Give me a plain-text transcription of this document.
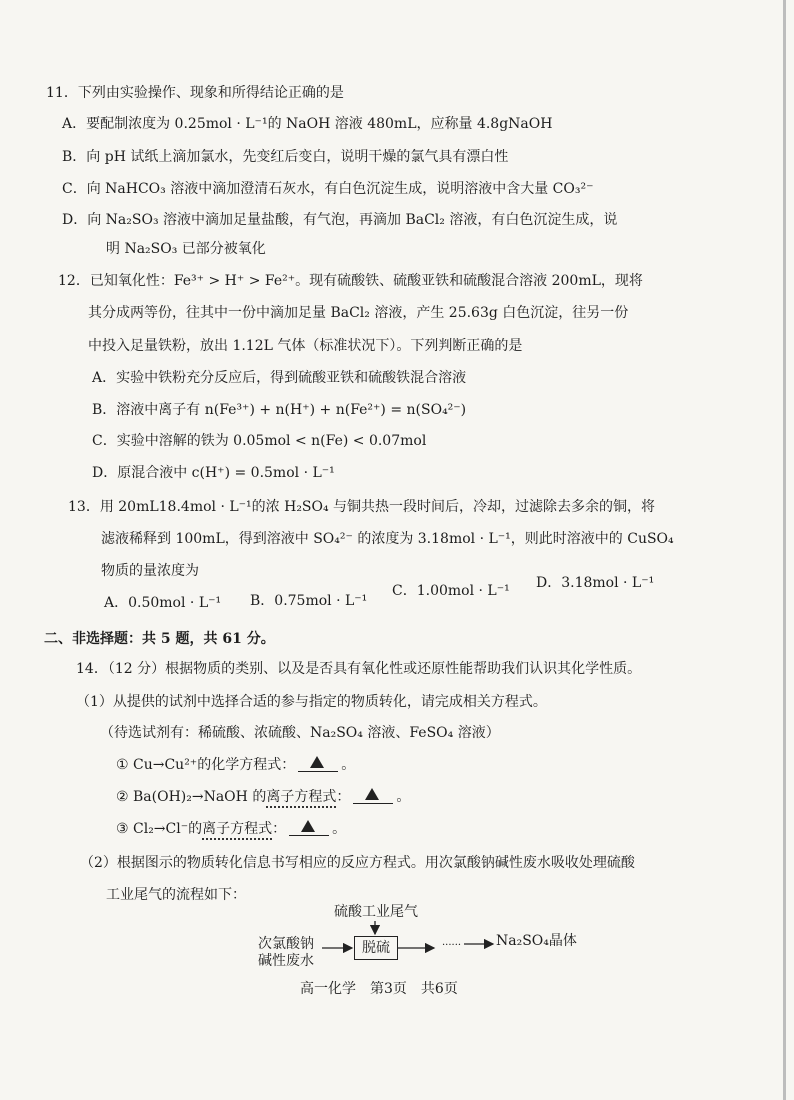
11．下列由实验操作、现象和所得结论正确的是
A．要配制浓度为 0.25mol · L⁻¹的 NaOH 溶液 480mL，应称量 4.8gNaOH
B．向 pH 试纸上滴加氯水，先变红后变白，说明干燥的氯气具有漂白性
C．向 NaHCO₃ 溶液中滴加澄清石灰水，有白色沉淀生成，说明溶液中含大量 CO₃²⁻
D．向 Na₂SO₃ 溶液中滴加足量盐酸，有气泡，再滴加 BaCl₂ 溶液，有白色沉淀生成，说
明 Na₂SO₃ 已部分被氧化
12．已知氧化性：Fe³⁺ > H⁺ > Fe²⁺。现有硫酸铁、硫酸亚铁和硫酸混合溶液 200mL，现将
其分成两等份，往其中一份中滴加足量 BaCl₂ 溶液，产生 25.63g 白色沉淀，往另一份
中投入足量铁粉，放出 1.12L 气体（标准状况下）。下列判断正确的是
A．实验中铁粉充分反应后，得到硫酸亚铁和硫酸铁混合溶液
B．溶液中离子有 n(Fe³⁺) + n(H⁺) + n(Fe²⁺) = n(SO₄²⁻)
C．实验中溶解的铁为 0.05mol < n(Fe) < 0.07mol
D．原混合液中 c(H⁺) = 0.5mol · L⁻¹
13．用 20mL18.4mol · L⁻¹的浓 H₂SO₄ 与铜共热一段时间后，冷却，过滤除去多余的铜，将
滤液稀释到 100mL，得到溶液中 SO₄²⁻ 的浓度为 3.18mol · L⁻¹，则此时溶液中的 CuSO₄
物质的量浓度为
A．0.50mol · L⁻¹ B．0.75mol · L⁻¹
C．1.00mol · L⁻¹ D．3.18mol · L⁻¹
二、非选择题：共 5 题，共 61 分。
14．（12 分）根据物质的类别、以及是否具有氧化性或还原性能帮助我们认识其化学性质。
（1）从提供的试剂中选择合适的参与指定的物质转化，请完成相关方程式。
（待选试剂有：稀硫酸、浓硫酸、Na₂SO₄ 溶液、FeSO₄ 溶液）
① Cu→Cu²⁺的化学方程式：	。
② Ba(OH)₂→NaOH 的离子方程式：	。
③ Cl₂→Cl⁻的离子方程式：	。
（2）根据图示的物质转化信息书写相应的反应方程式。用次氯酸钠碱性废水吸收处理硫酸
工业尾气的流程如下：
硫酸工业尾气
次氯酸钠
碱性废水
脱硫	······ Na₂SO₄晶体
高一化学　第3页　共6页
